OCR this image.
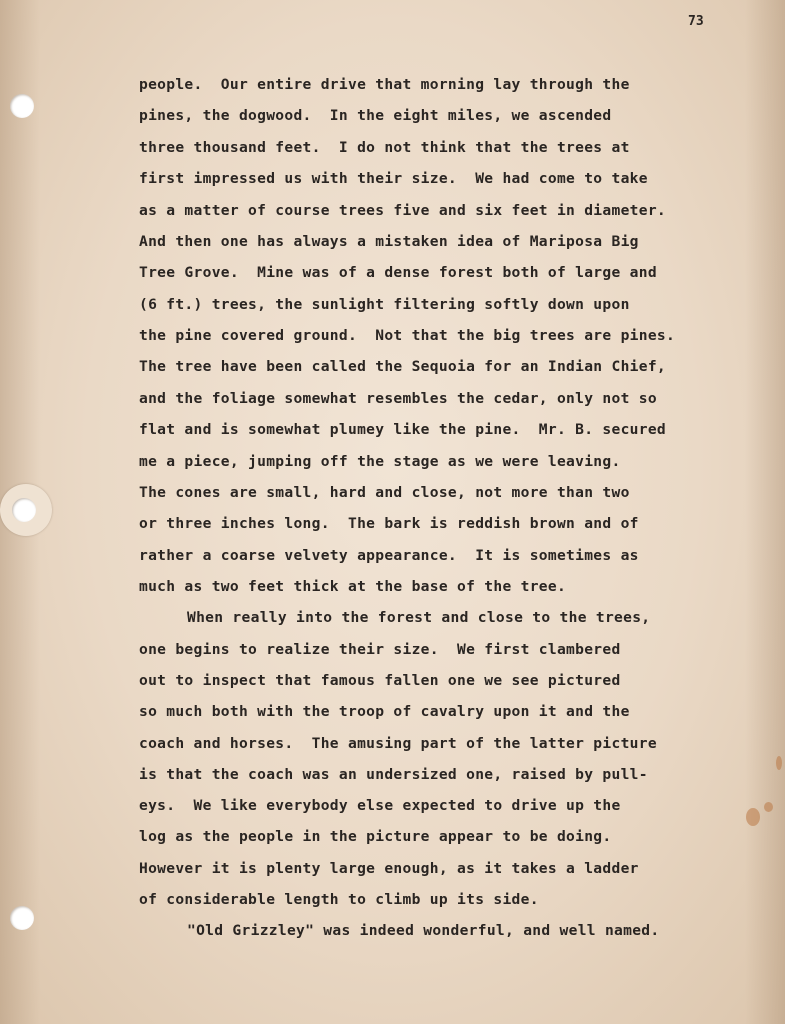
73
people.  Our entire drive that morning lay through the
pines, the dogwood.  In the eight miles, we ascended
three thousand feet.  I do not think that the trees at
first impressed us with their size.  We had come to take
as a matter of course trees five and six feet in diameter.
And then one has always a mistaken idea of Mariposa Big
Tree Grove.  Mine was of a dense forest both of large and
(6 ft.) trees, the sunlight filtering softly down upon
the pine covered ground.  Not that the big trees are pines.
The tree have been called the Sequoia for an Indian Chief,
and the foliage somewhat resembles the cedar, only not so
flat and is somewhat plumey like the pine.  Mr. B. secured
me a piece, jumping off the stage as we were leaving.
The cones are small, hard and close, not more than two
or three inches long.  The bark is reddish brown and of
rather a coarse velvety appearance.  It is sometimes as
much as two feet thick at the base of the tree.
When really into the forest and close to the trees,
one begins to realize their size.  We first clambered
out to inspect that famous fallen one we see pictured
so much both with the troop of cavalry upon it and the
coach and horses.  The amusing part of the latter picture
is that the coach was an undersized one, raised by pull-
eys.  We like everybody else expected to drive up the
log as the people in the picture appear to be doing.
However it is plenty large enough, as it takes a ladder
of considerable length to climb up its side.
"Old Grizzley" was indeed wonderful, and well named.
